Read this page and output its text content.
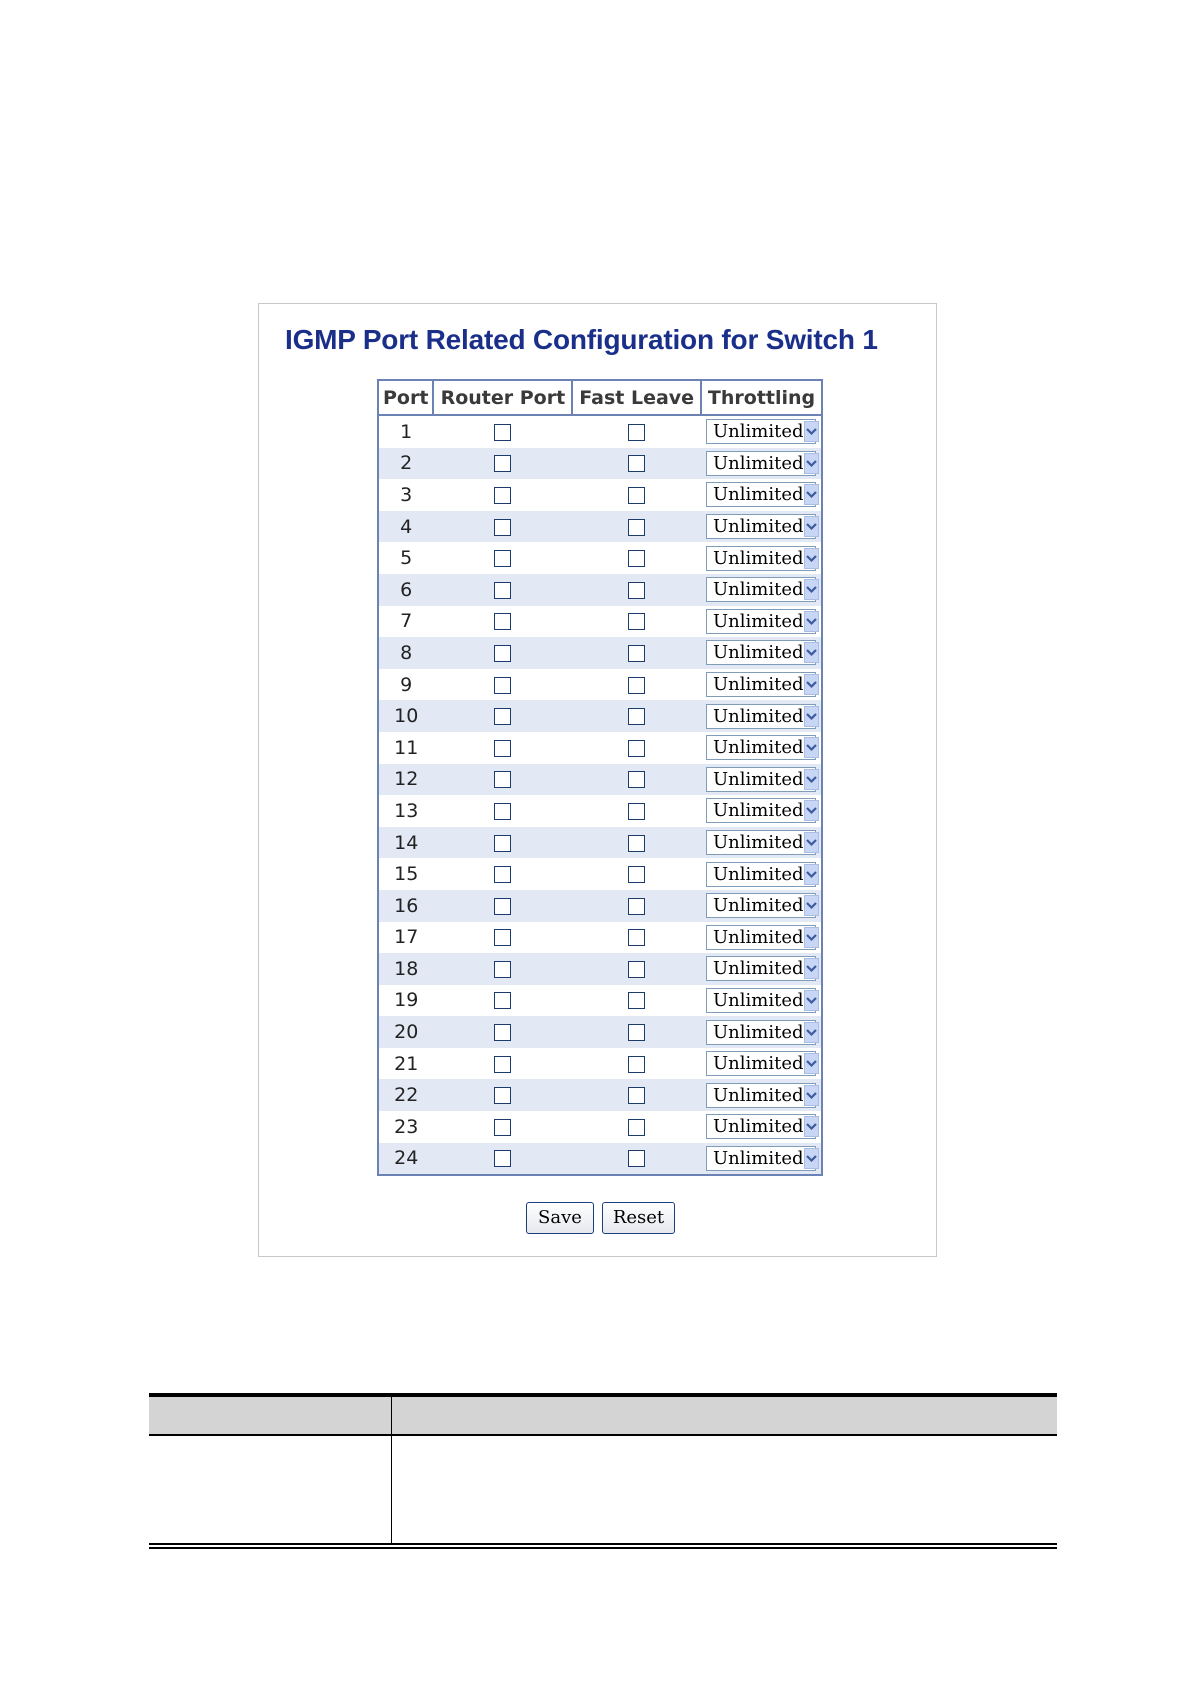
IGMP Port Related Configuration for Switch 1
Port	Router Port	Fast Leave	Throttling
1			Unlimited

2			Unlimited

3			Unlimited

4			Unlimited

5			Unlimited

6			Unlimited

7			Unlimited

8			Unlimited

9			Unlimited

10			Unlimited

11			Unlimited

12			Unlimited

13			Unlimited

14			Unlimited

15			Unlimited

16			Unlimited

17			Unlimited

18			Unlimited

19			Unlimited

20			Unlimited

21			Unlimited

22			Unlimited

23			Unlimited

24			Unlimited
Save Reset
